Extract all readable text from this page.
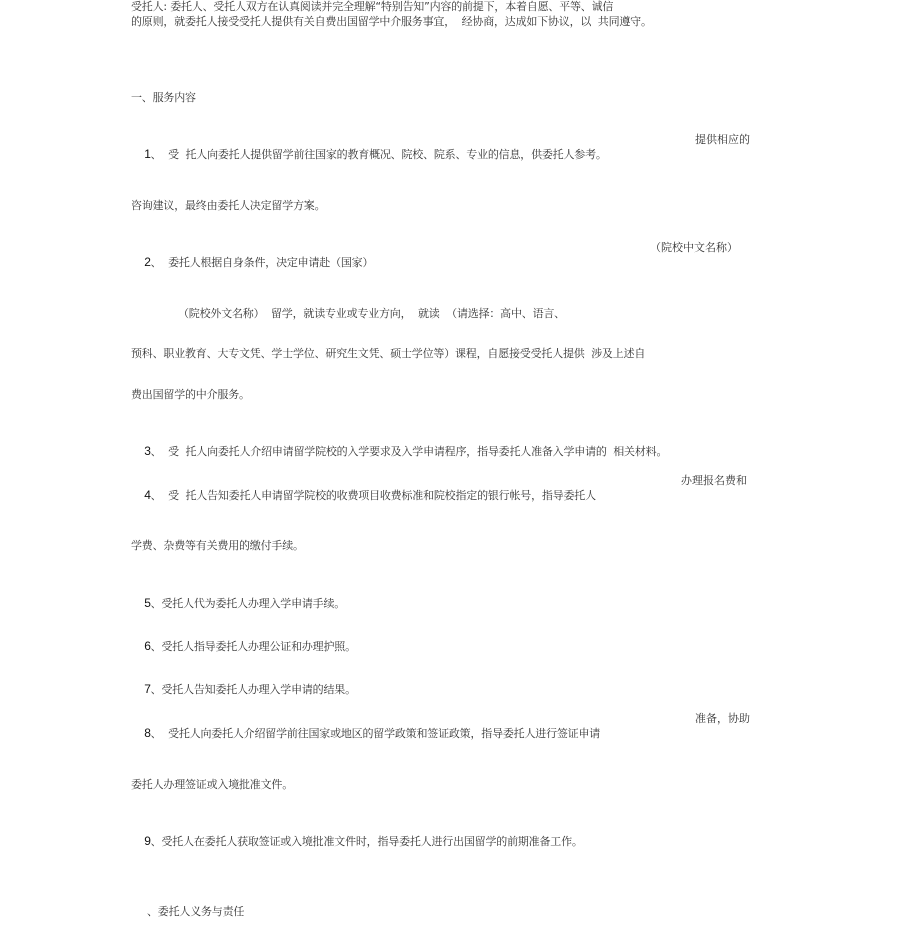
受托人: 委托人、受托人双方在认真阅读并完全理解“特别告知”内容的前提下，本着自愿、平等、诚信
的原则，就委托人接受受托人提供有关自费出国留学中介服务事宜，  经协商，达成如下协议，以  共同遵守。
一、服务内容

1、  受  托人向委托人提供留学前往国家的教育概况、院校、院系、专业的信息，供委托人参考。

提供相应的
咨询建议，最终由委托人决定留学方案。

2、  委托人根据自身条件，决定申请赴（国家）

（院校中文名称）
（院校外文名称）  留学，就读专业或专业方向，  就读  （请选择：高中、语言、
预科、职业教育、大专文凭、学士学位、研究生文凭、硕士学位等）课程，自愿接受受托人提供  涉及上述自
费出国留学的中介服务。

3、  受  托人向委托人介绍申请留学院校的入学要求及入学申请程序，指导委托人准备入学申请的  相关材料。

4、  受  托人告知委托人申请留学院校的收费项目收费标准和院校指定的银行帐号，指导委托人

办理报名费和
学费、杂费等有关费用的缴付手续。

5、受托人代为委托人办理入学申请手续。

6、受托人指导委托人办理公证和办理护照。

7、受托人告知委托人办理入学申请的结果。

8、  受托人向委托人介绍留学前往国家或地区的留学政策和签证政策，指导委托人进行签证申请

准备，协助
委托人办理签证或入境批准文件。

9、受托人在委托人获取签证或入境批准文件时，指导委托人进行出国留学的前期准备工作。

、委托人义务与责任
